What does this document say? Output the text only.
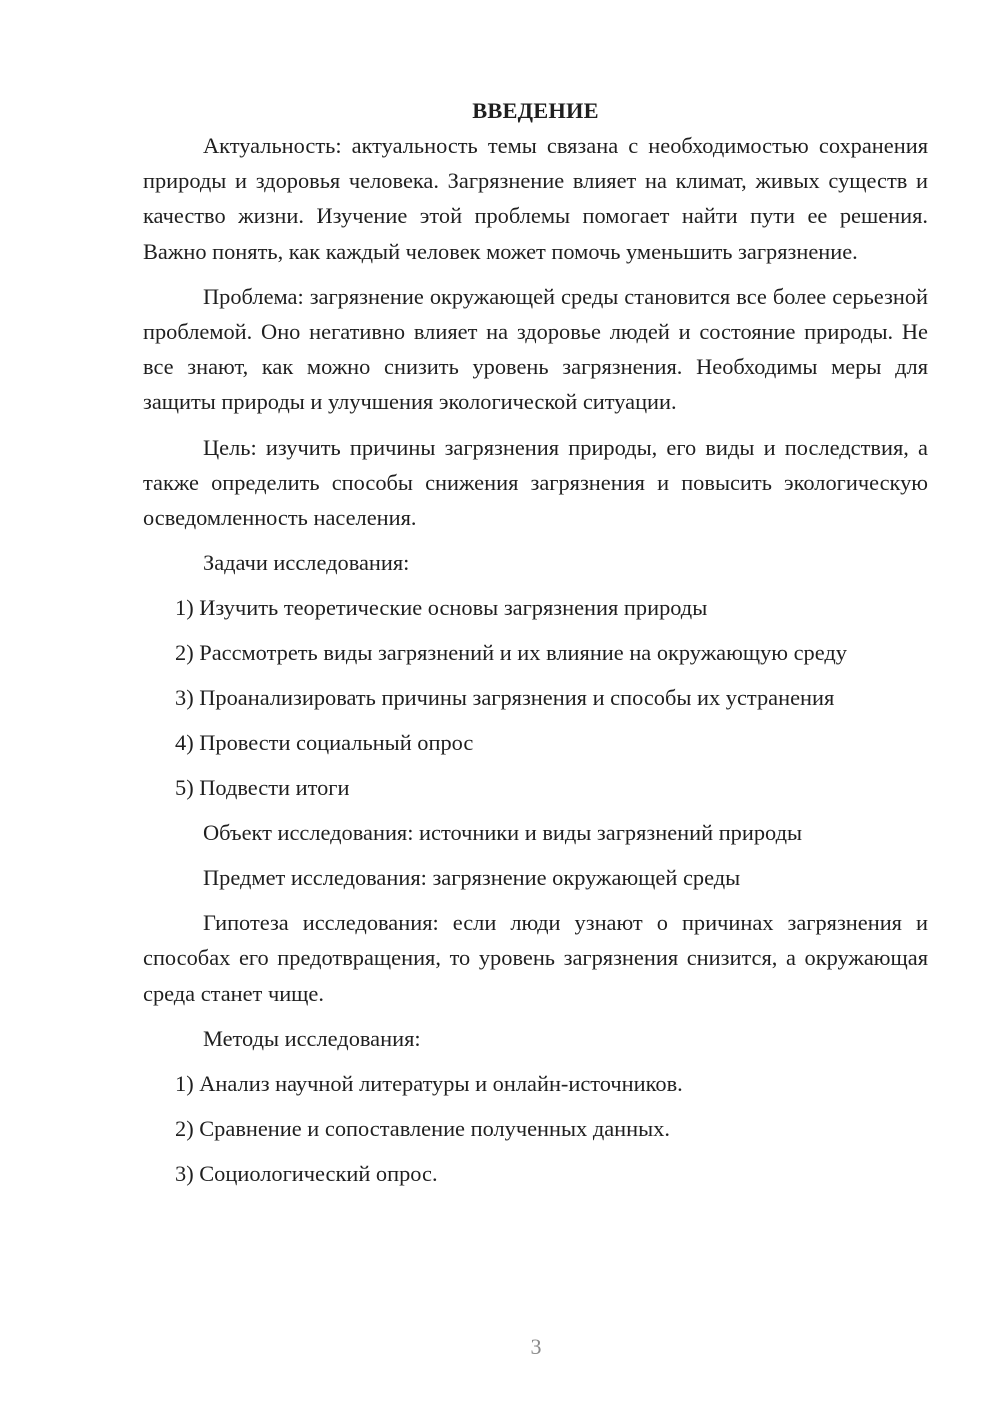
ВВЕДЕНИЕ

Актуальность: актуальность темы связана с необходимостью сохранения природы и здоровья человека. Загрязнение влияет на климат, живых существ и качество жизни. Изучение этой проблемы помогает найти пути ее решения. Важно понять, как каждый человек может помочь уменьшить загрязнение.

Проблема: загрязнение окружающей среды становится все более серьезной проблемой. Оно негативно влияет на здоровье людей и состояние природы. Не все знают, как можно снизить уровень загрязнения. Необходимы меры для защиты природы и улучшения экологической ситуации.

Цель: изучить причины загрязнения природы, его виды и последствия, а также определить способы снижения загрязнения и повысить экологическую осведомленность населения.

Задачи исследования:
1) Изучить теоретические основы загрязнения природы
2) Рассмотреть виды загрязнений и их влияние на окружающую среду
3) Проанализировать причины загрязнения и способы их устранения
4) Провести социальный опрос
5) Подвести итоги
Объект исследования: источники и виды загрязнений природы
Предмет исследования: загрязнение окружающей среды

Гипотеза исследования: если люди узнают о причинах загрязнения и способах его предотвращения, то уровень загрязнения снизится, а окружающая среда станет чище.

Методы исследования:
1) Анализ научной литературы и онлайн-источников.
2) Сравнение и сопоставление полученных данных.
3) Социологический опрос.
3
